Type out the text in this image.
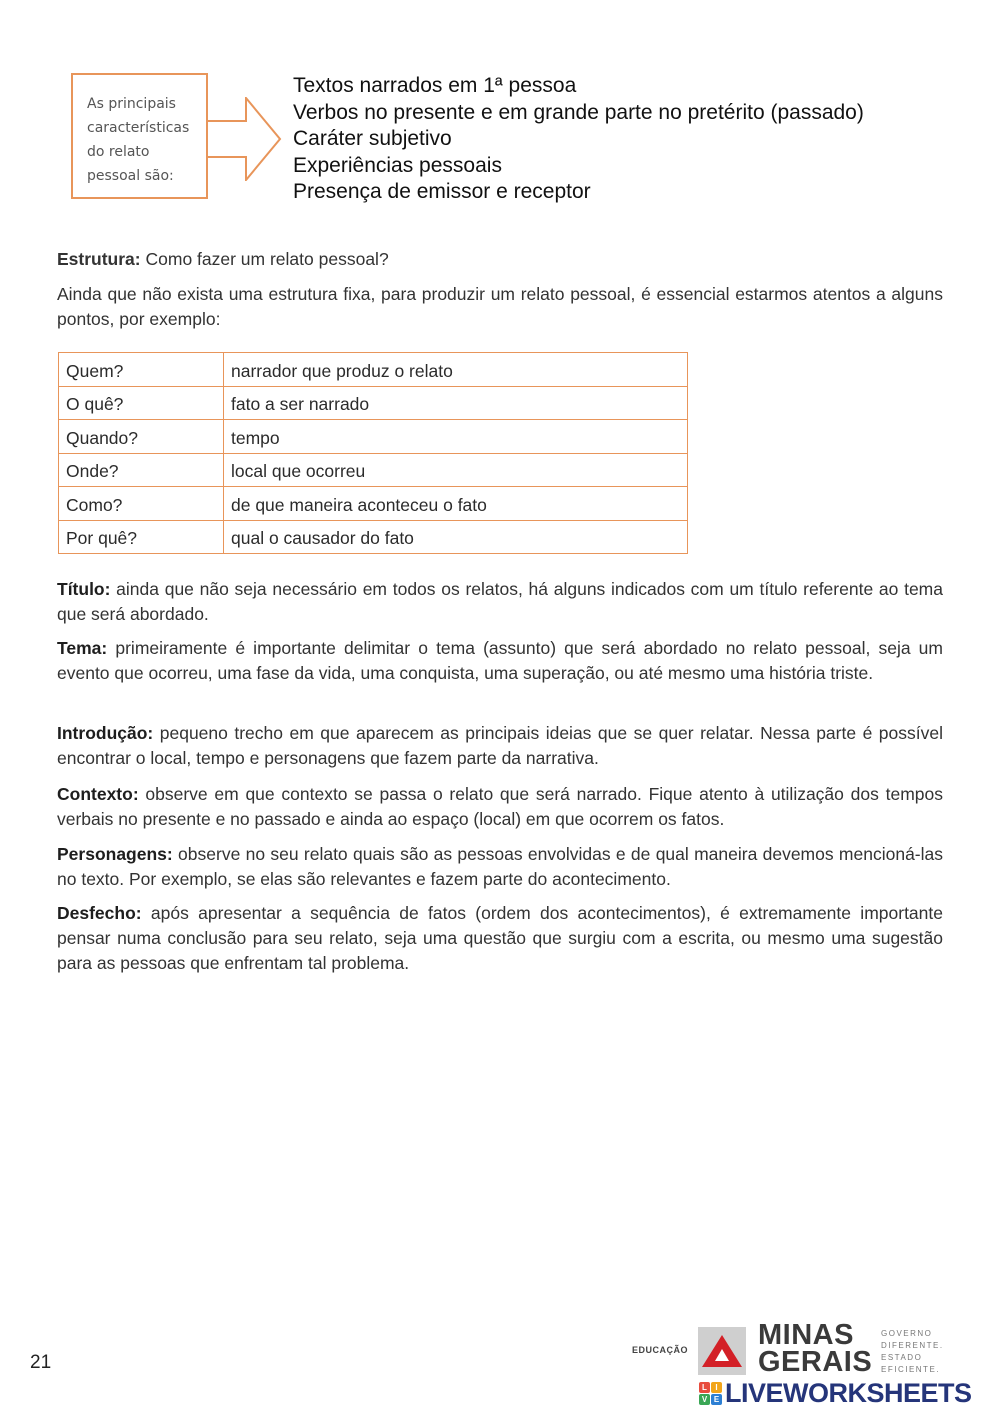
As principais
características
do relato
pessoal são:
Textos narrados em 1ª pessoa
Verbos no presente e em grande parte no pretérito (passado)
Caráter subjetivo
Experiências pessoais
Presença de emissor e receptor
Estrutura: Como fazer um relato pessoal?
Ainda que não exista uma estrutura fixa, para produzir um relato pessoal, é essencial estarmos atentos a alguns pontos, por exemplo:
Quem?	narrador que produz o relato
O quê?	fato a ser narrado
Quando?	tempo
Onde?	local que ocorreu
Como?	de que maneira aconteceu o fato
Por quê?	qual o causador do fato
Título: ainda que não seja necessário em todos os relatos, há alguns indicados com um título referente ao tema que será abordado.
Tema: primeiramente é importante delimitar o tema (assunto) que será abordado no relato pessoal, seja um evento que ocorreu, uma fase da vida, uma conquista, uma superação, ou até mesmo uma história triste.
Introdução: pequeno trecho em que aparecem as principais ideias que se quer relatar. Nessa parte é possível encontrar o local, tempo e personagens que fazem parte da narrativa.
Contexto: observe em que contexto se passa o relato que será narrado. Fique atento à utilização dos tempos verbais no presente e no passado e ainda ao espaço (local) em que ocorrem os fatos.
Personagens: observe no seu relato quais são as pessoas envolvidas e de qual maneira devemos mencioná-las no texto. Por exemplo, se elas são relevantes e fazem parte do acontecimento.
Desfecho: após apresentar a sequência de fatos (ordem dos acontecimentos), é extremamente importante pensar numa conclusão para seu relato, seja uma questão que surgiu com a escrita, ou mesmo uma sugestão para as pessoas que enfrentam tal problema.
21
EDUCAÇÃO MINAS
GERAIS
GOVERNO
DIFERENTE.
ESTADO
EFICIENTE.
L	I
V E LIVEWORKSHEETS
